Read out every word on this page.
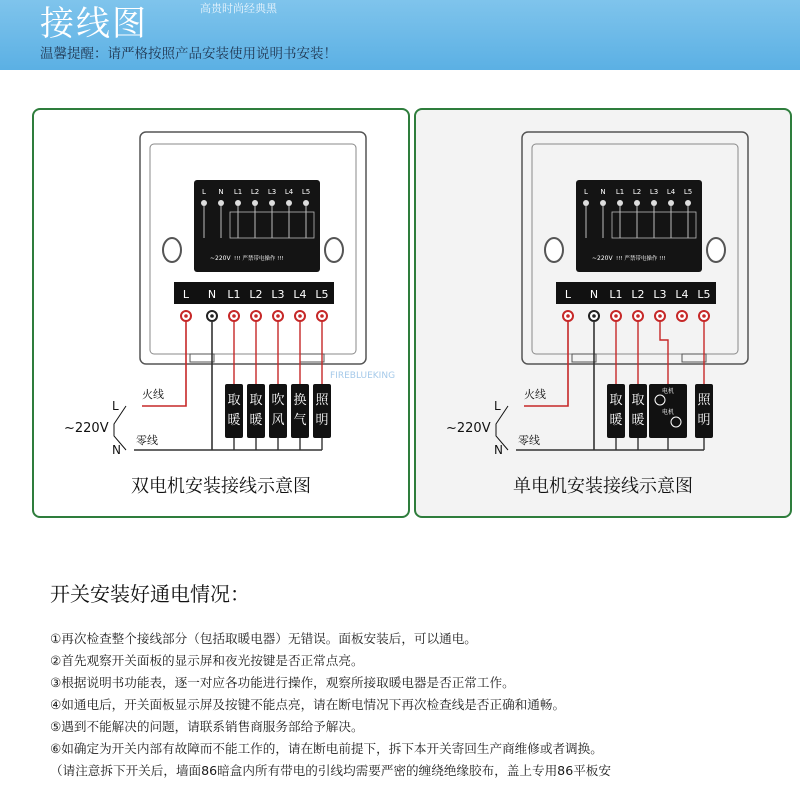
接线图	高贵时尚经典黑
温馨提醒：请严格按照产品安装使用说明书安装！
L N L1 L2 L3 L4 L5
~220V !!! 严禁带电操作 !!!
L N L1 L2 L3 L4 L5
取
暖
取
暖
吹
风
换
气
照
明
火线
L
~220V
零线
N
FIREBLUEKING
双电机安装接线示意图
L N L1 L2 L3 L4 L5
~220V !!! 严禁带电操作 !!!
L N L1 L2 L3 L4 L5
取
暖
取
暖
电机
电机
照
明
火线
L
~220V
零线
N
单电机安装接线示意图
开关安装好通电情况：
①再次检查整个接线部分（包括取暖电器）无错误。面板安装后，可以通电。
②首先观察开关面板的显示屏和夜光按键是否正常点亮。
③根据说明书功能表，逐一对应各功能进行操作，观察所接取暖电器是否正常工作。
④如通电后，开关面板显示屏及按键不能点亮，请在断电情况下再次检查线是否正确和通畅。
⑤遇到不能解决的问题，请联系销售商服务部给予解决。
⑥如确定为开关内部有故障而不能工作的，请在断电前提下，拆下本开关寄回生产商维修或者调换。
（请注意拆下开关后，墙面86暗盒内所有带电的引线均需要严密的缠绕绝缘胶布，盖上专用86平板安
